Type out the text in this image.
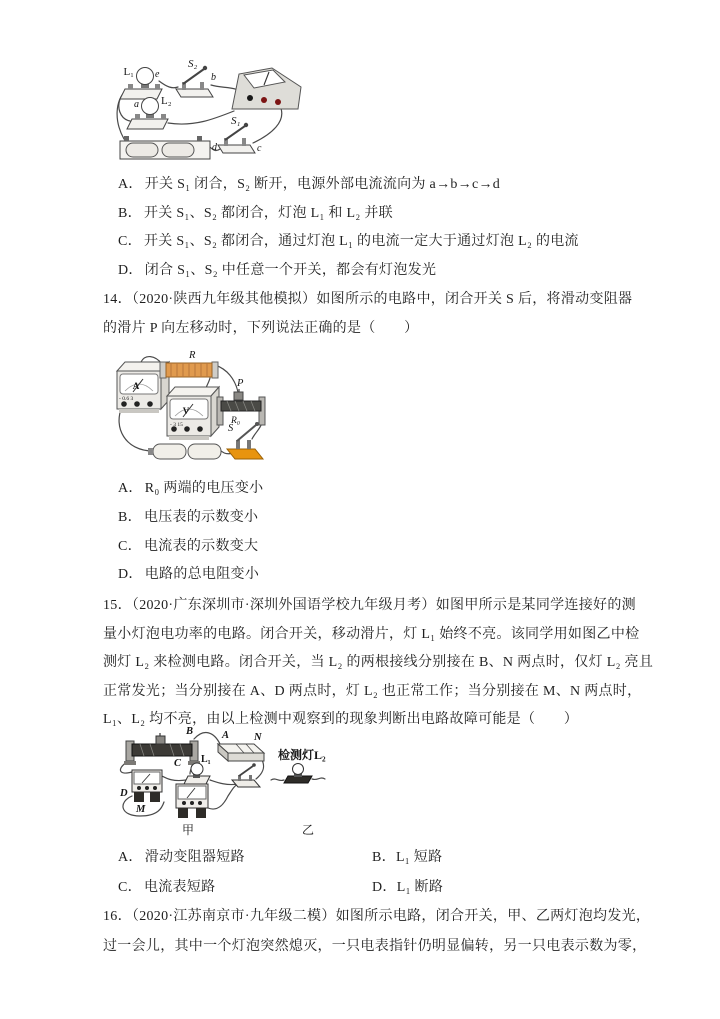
L₁ e
S₂
b
a L₂
S₁
c
d
A． 开关 S₁ 闭合，S₂ 断开，电源外部电流流向为 a→b→c→d
B． 开关 S₁、S₂ 都闭合，灯泡 L₁ 和 L₂ 并联
C． 开关 S₁、S₂ 都闭合，通过灯泡 L₁ 的电流一定大于通过灯泡 L₂ 的电流
D． 闭合 S₁、S₂ 中任意一个开关，都会有灯泡发光
14．（2020·陕西九年级其他模拟）如图所示的电路中，闭合开关 S 后，将滑动变阻器
的滑片 P 向左移动时，下列说法正确的是（　　）
A
- 0.6 3
R
V
- 3 15
P
R₀
S
A． R₀ 两端的电压变小
B． 电压表的示数变小
C． 电流表的示数变大
D． 电路的总电阻变小
15．（2020·广东深圳市·深圳外国语学校九年级月考）如图甲所示是某同学连接好的测
量小灯泡电功率的电路。闭合开关，移动滑片，灯 L₁ 始终不亮。该同学用如图乙中检
测灯 L₂ 来检测电路。闭合开关，当 L₂ 的两根接线分别接在 B、N 两点时，仅灯 L₂ 亮且
正常发光；当分别接在 A、D 两点时，灯 L₂ 也正常工作；当分别接在 M、N 两点时，
L₁、L₂ 均不亮，由以上检测中观察到的现象判断出电路故障可能是（　　）
B
C
A N
L₁
D
M
甲
检测灯L₂
乙
A． 滑动变阻器短路	B．L₁ 短路
C． 电流表短路	D．L₁ 断路
16．（2020·江苏南京市·九年级二模）如图所示电路，闭合开关，甲、乙两灯泡均发光，
过一会儿，其中一个灯泡突然熄灭，一只电表指针仍明显偏转，另一只电表示数为零，
